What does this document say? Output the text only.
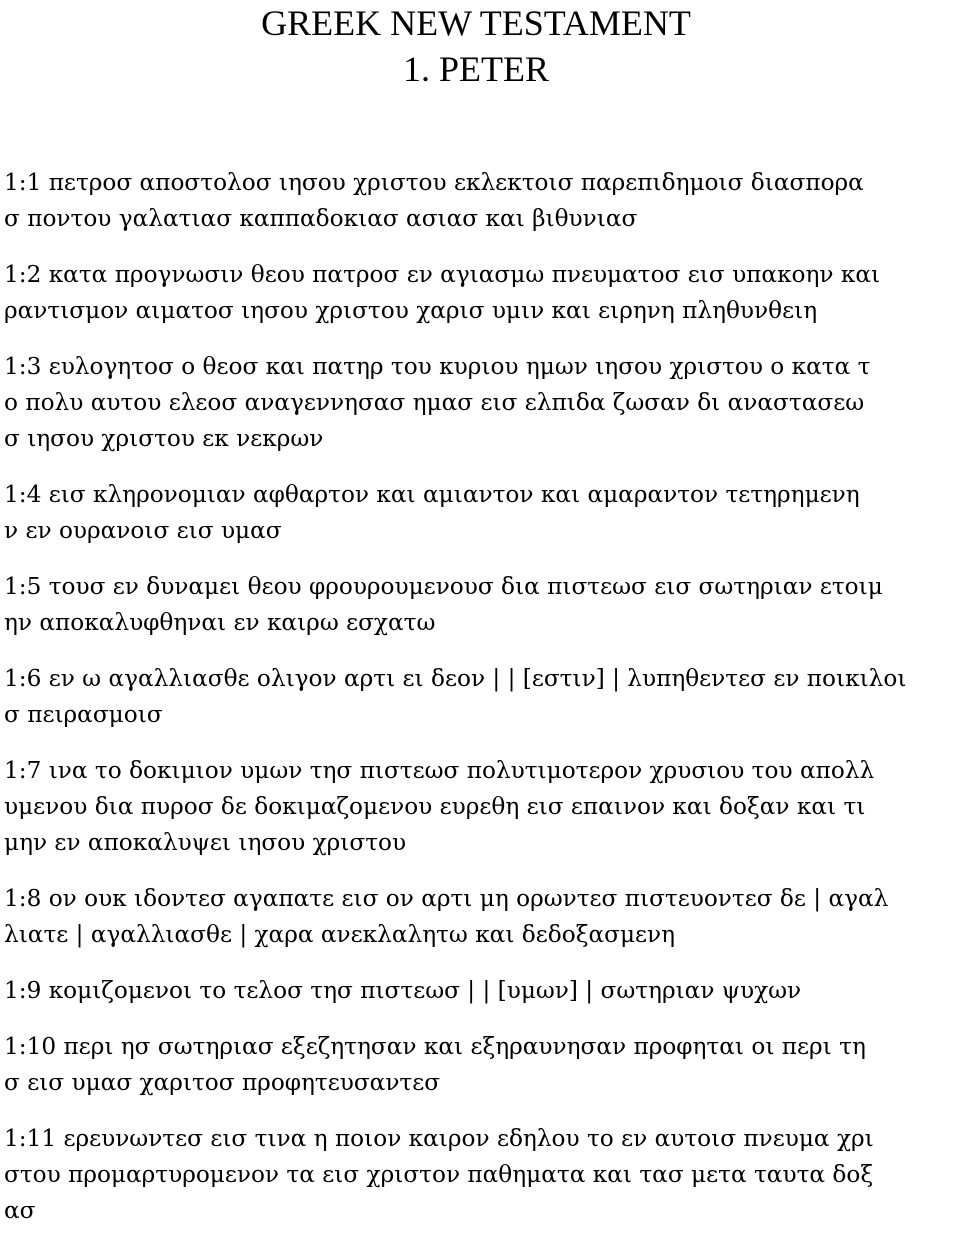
GREEK NEW TESTAMENT
1. PETER
1:1 πετροσ αποστολοσ ιησου χριστου εκλεκτοισ παρεπιδημοισ διασπορα
σ ποντου γαλατιασ καππαδοκιασ ασιασ και βιθυνιασ
1:2 κατα προγνωσιν θεου πατροσ εν αγιασμω πνευματοσ εισ υπακοην και
ραντισμον αιματοσ ιησου χριστου χαρισ υμιν και ειρηνη πληθυνθειη
1:3 ευλογητοσ ο θεοσ και πατηρ του κυριου ημων ιησου χριστου ο κατα τ
ο πολυ αυτου ελεοσ αναγεννησασ ημασ εισ ελπιδα ζωσαν δι αναστασεω
σ ιησου χριστου εκ νεκρων
1:4 εισ κληρονομιαν αφθαρτον και αμιαντον και αμαραντον τετηρημενη
ν εν ουρανοισ εισ υμασ
1:5 τουσ εν δυναμει θεου φρουρουμενουσ δια πιστεωσ εισ σωτηριαν ετοιμ
ην αποκαλυφθηναι εν καιρω εσχατω
1:6 εν ω αγαλλιασθε ολιγον αρτι ει δεον | | [εστιν] | λυπηθεντεσ εν ποικιλοι
σ πειρασμοισ
1:7 ινα το δοκιμιον υμων τησ πιστεωσ πολυτιμοτερον χρυσιου του απολλ
υμενου δια πυροσ δε δοκιμαζομενου ευρεθη εισ επαινον και δοξαν και τι
μην εν αποκαλυψει ιησου χριστου
1:8 ον ουκ ιδοντεσ αγαπατε εισ ον αρτι μη ορωντεσ πιστευοντεσ δε | αγαλ
λιατε | αγαλλιασθε | χαρα ανεκλαλητω και δεδοξασμενη
1:9 κομιζομενοι το τελοσ τησ πιστεωσ | | [υμων] | σωτηριαν ψυχων
1:10 περι ησ σωτηριασ εξεζητησαν και εξηραυνησαν προφηται οι περι τη
σ εισ υμασ χαριτοσ προφητευσαντεσ
1:11 ερευνωντεσ εισ τινα η ποιον καιρον εδηλου το εν αυτοισ πνευμα χρι
στου προμαρτυρομενον τα εισ χριστον παθηματα και τασ μετα ταυτα δοξ
ασ
